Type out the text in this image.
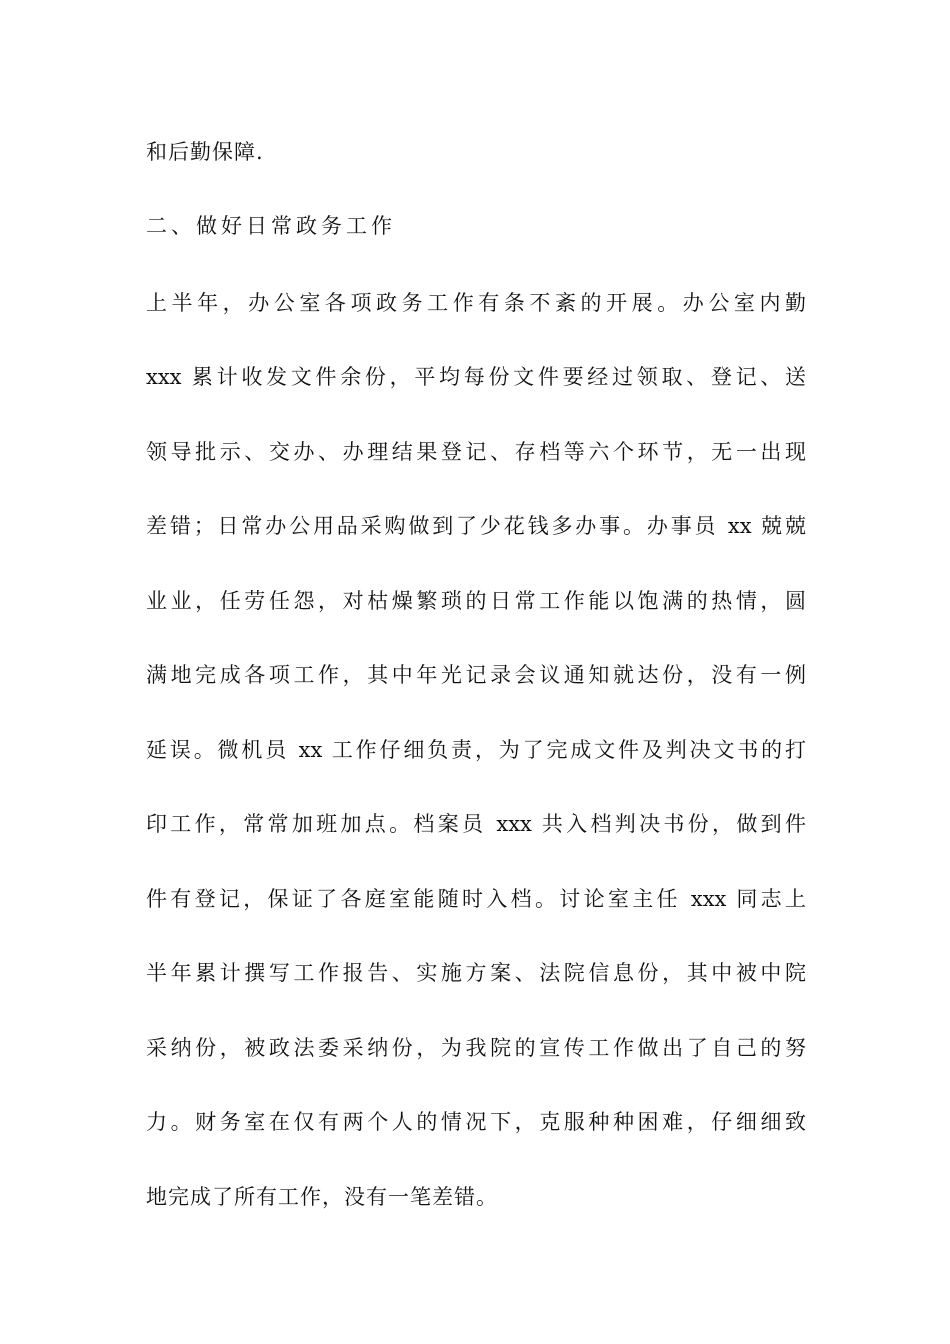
和后勤保障.
二、做好日常政务工作
上半年，办公室各项政务工作有条不紊的开展。办公室内勤
xxx 累计收发文件余份，平均每份文件要经过领取、登记、送
领导批示、交办、办理结果登记、存档等六个环节，无一出现
差错；日常办公用品采购做到了少花钱多办事。办事员 xx 兢兢
业业，任劳任怨，对枯燥繁琐的日常工作能以饱满的热情，圆
满地完成各项工作，其中年光记录会议通知就达份，没有一例
延误。微机员 xx 工作仔细负责，为了完成文件及判决文书的打
印工作，常常加班加点。档案员 xxx 共入档判决书份，做到件
件有登记，保证了各庭室能随时入档。讨论室主任 xxx 同志上
半年累计撰写工作报告、实施方案、法院信息份，其中被中院
采纳份，被政法委采纳份，为我院的宣传工作做出了自己的努
力。财务室在仅有两个人的情况下，克服种种困难，仔细细致
地完成了所有工作，没有一笔差错。
